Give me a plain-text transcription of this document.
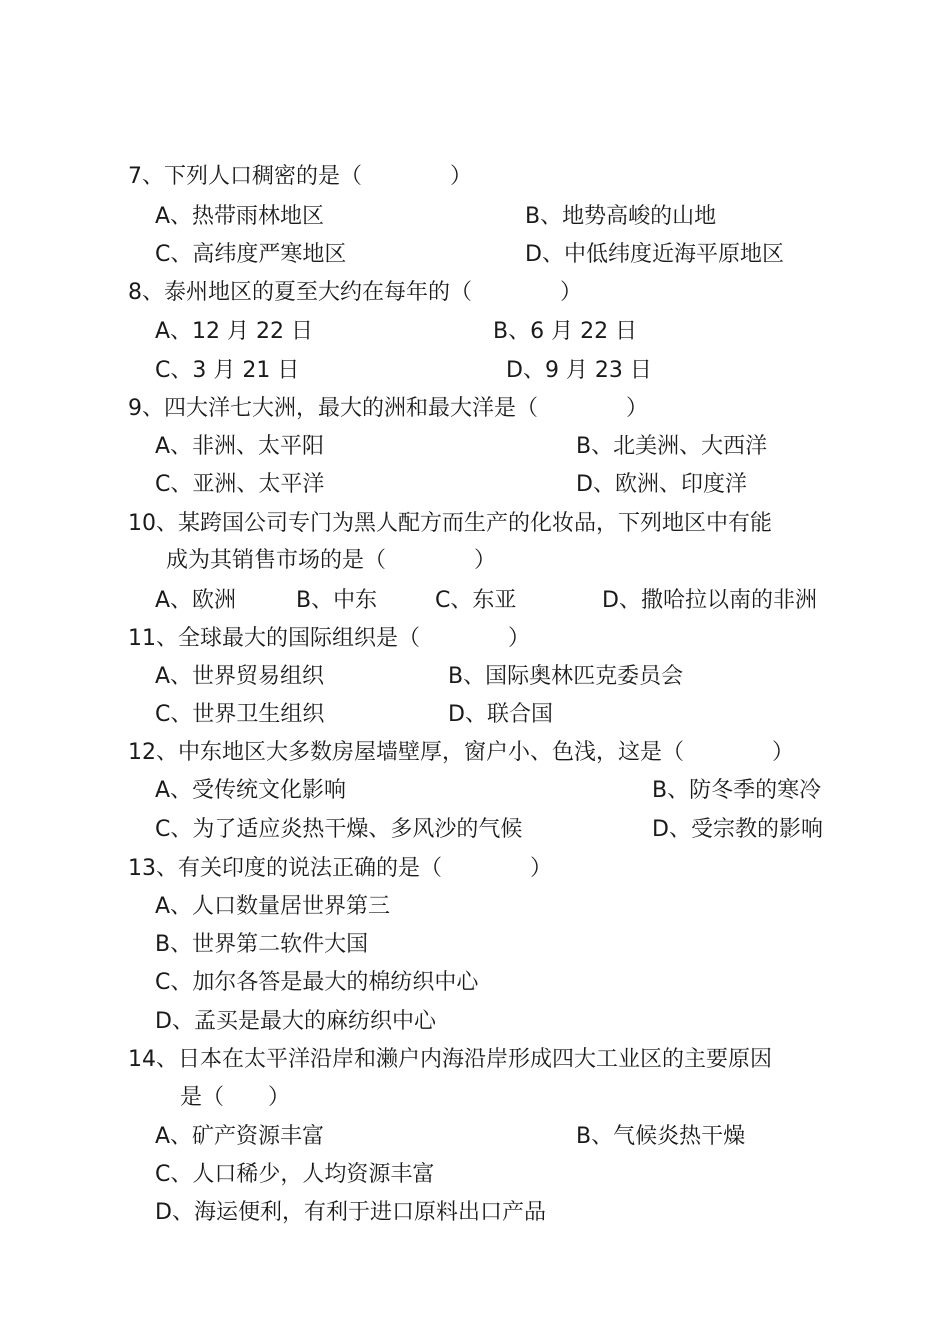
7、下列人口稠密的是（　　　　）
A、热带雨林地区	B、地势高峻的山地
C、高纬度严寒地区	D、中低纬度近海平原地区
8、泰州地区的夏至大约在每年的（　　　　）
A、12 月 22 日	B、6 月 22 日
C、3 月 21 日	D、9 月 23 日
9、四大洋七大洲，最大的洲和最大洋是（　　　　）
A、非洲、太平阳	B、北美洲、大西洋
C、亚洲、太平洋	D、欧洲、印度洋
10、某跨国公司专门为黑人配方而生产的化妆品，下列地区中有能
成为其销售市场的是（　　　　）
A、欧洲	B、中东	C、东亚	D、撒哈拉以南的非洲
11、全球最大的国际组织是（　　　　）
A、世界贸易组织	B、国际奥林匹克委员会
C、世界卫生组织	D、联合国
12、中东地区大多数房屋墙壁厚，窗户小、色浅，这是（　　　　）
A、受传统文化影响	B、防冬季的寒冷
C、为了适应炎热干燥、多风沙的气候	D、受宗教的影响
13、有关印度的说法正确的是（　　　　）
A、人口数量居世界第三
B、世界第二软件大国
C、加尔各答是最大的棉纺织中心
D、孟买是最大的麻纺织中心
14、日本在太平洋沿岸和濑户内海沿岸形成四大工业区的主要原因
是（　　）
A、矿产资源丰富	B、气候炎热干燥
C、人口稀少，人均资源丰富
D、海运便利，有利于进口原料出口产品
